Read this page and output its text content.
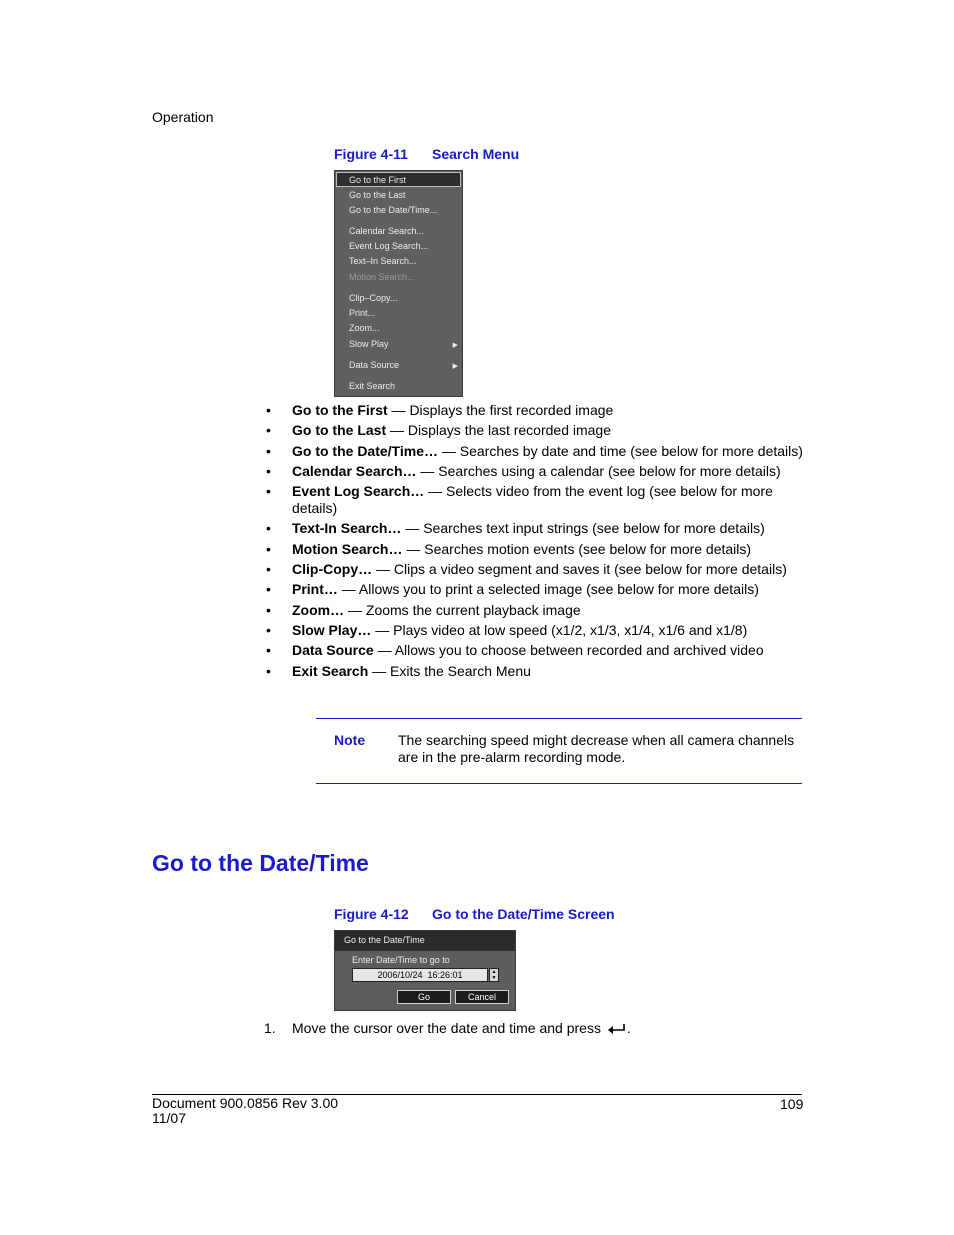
Operation
Figure 4-11 Search Menu
Go to the First
Go to the Last
Go to the Date/Time...
Calendar Search...
Event Log Search...
Text–In Search...
Motion Search...
Clip–Copy...
Print...
Zoom...
Slow Play	▶
Data Source	▶
Exit Search
• Go to the First — Displays the first recorded image
• Go to the Last — Displays the last recorded image
• Go to the Date/Time… — Searches by date and time (see below for more details)
• Calendar Search… — Searches using a calendar (see below for more details)
• Event Log Search… — Selects video from the event log (see below for more details)
• Text-In Search… — Searches text input strings (see below for more details)
• Motion Search… — Searches motion events (see below for more details)
• Clip-Copy… — Clips a video segment and saves it (see below for more details)
• Print… — Allows you to print a selected image (see below for more details)
• Zoom… — Zooms the current playback image
• Slow Play… — Plays video at low speed (x1/2, x1/3, x1/4, x1/6 and x1/8)
• Data Source — Allows you to choose between recorded and archived video
• Exit Search — Exits the Search Menu
Note The searching speed might decrease when all camera channels are in the pre-alarm recording mode.
Go to the Date/Time
Figure 4-12 Go to the Date/Time Screen
Go to the Date/Time
Enter Date/Time to go to
2006/10/24  16:26:01	▲
▼
Go	Cancel
1. Move the cursor over the date and time and press .
Document 900.0856 Rev 3.00
11/07
109
